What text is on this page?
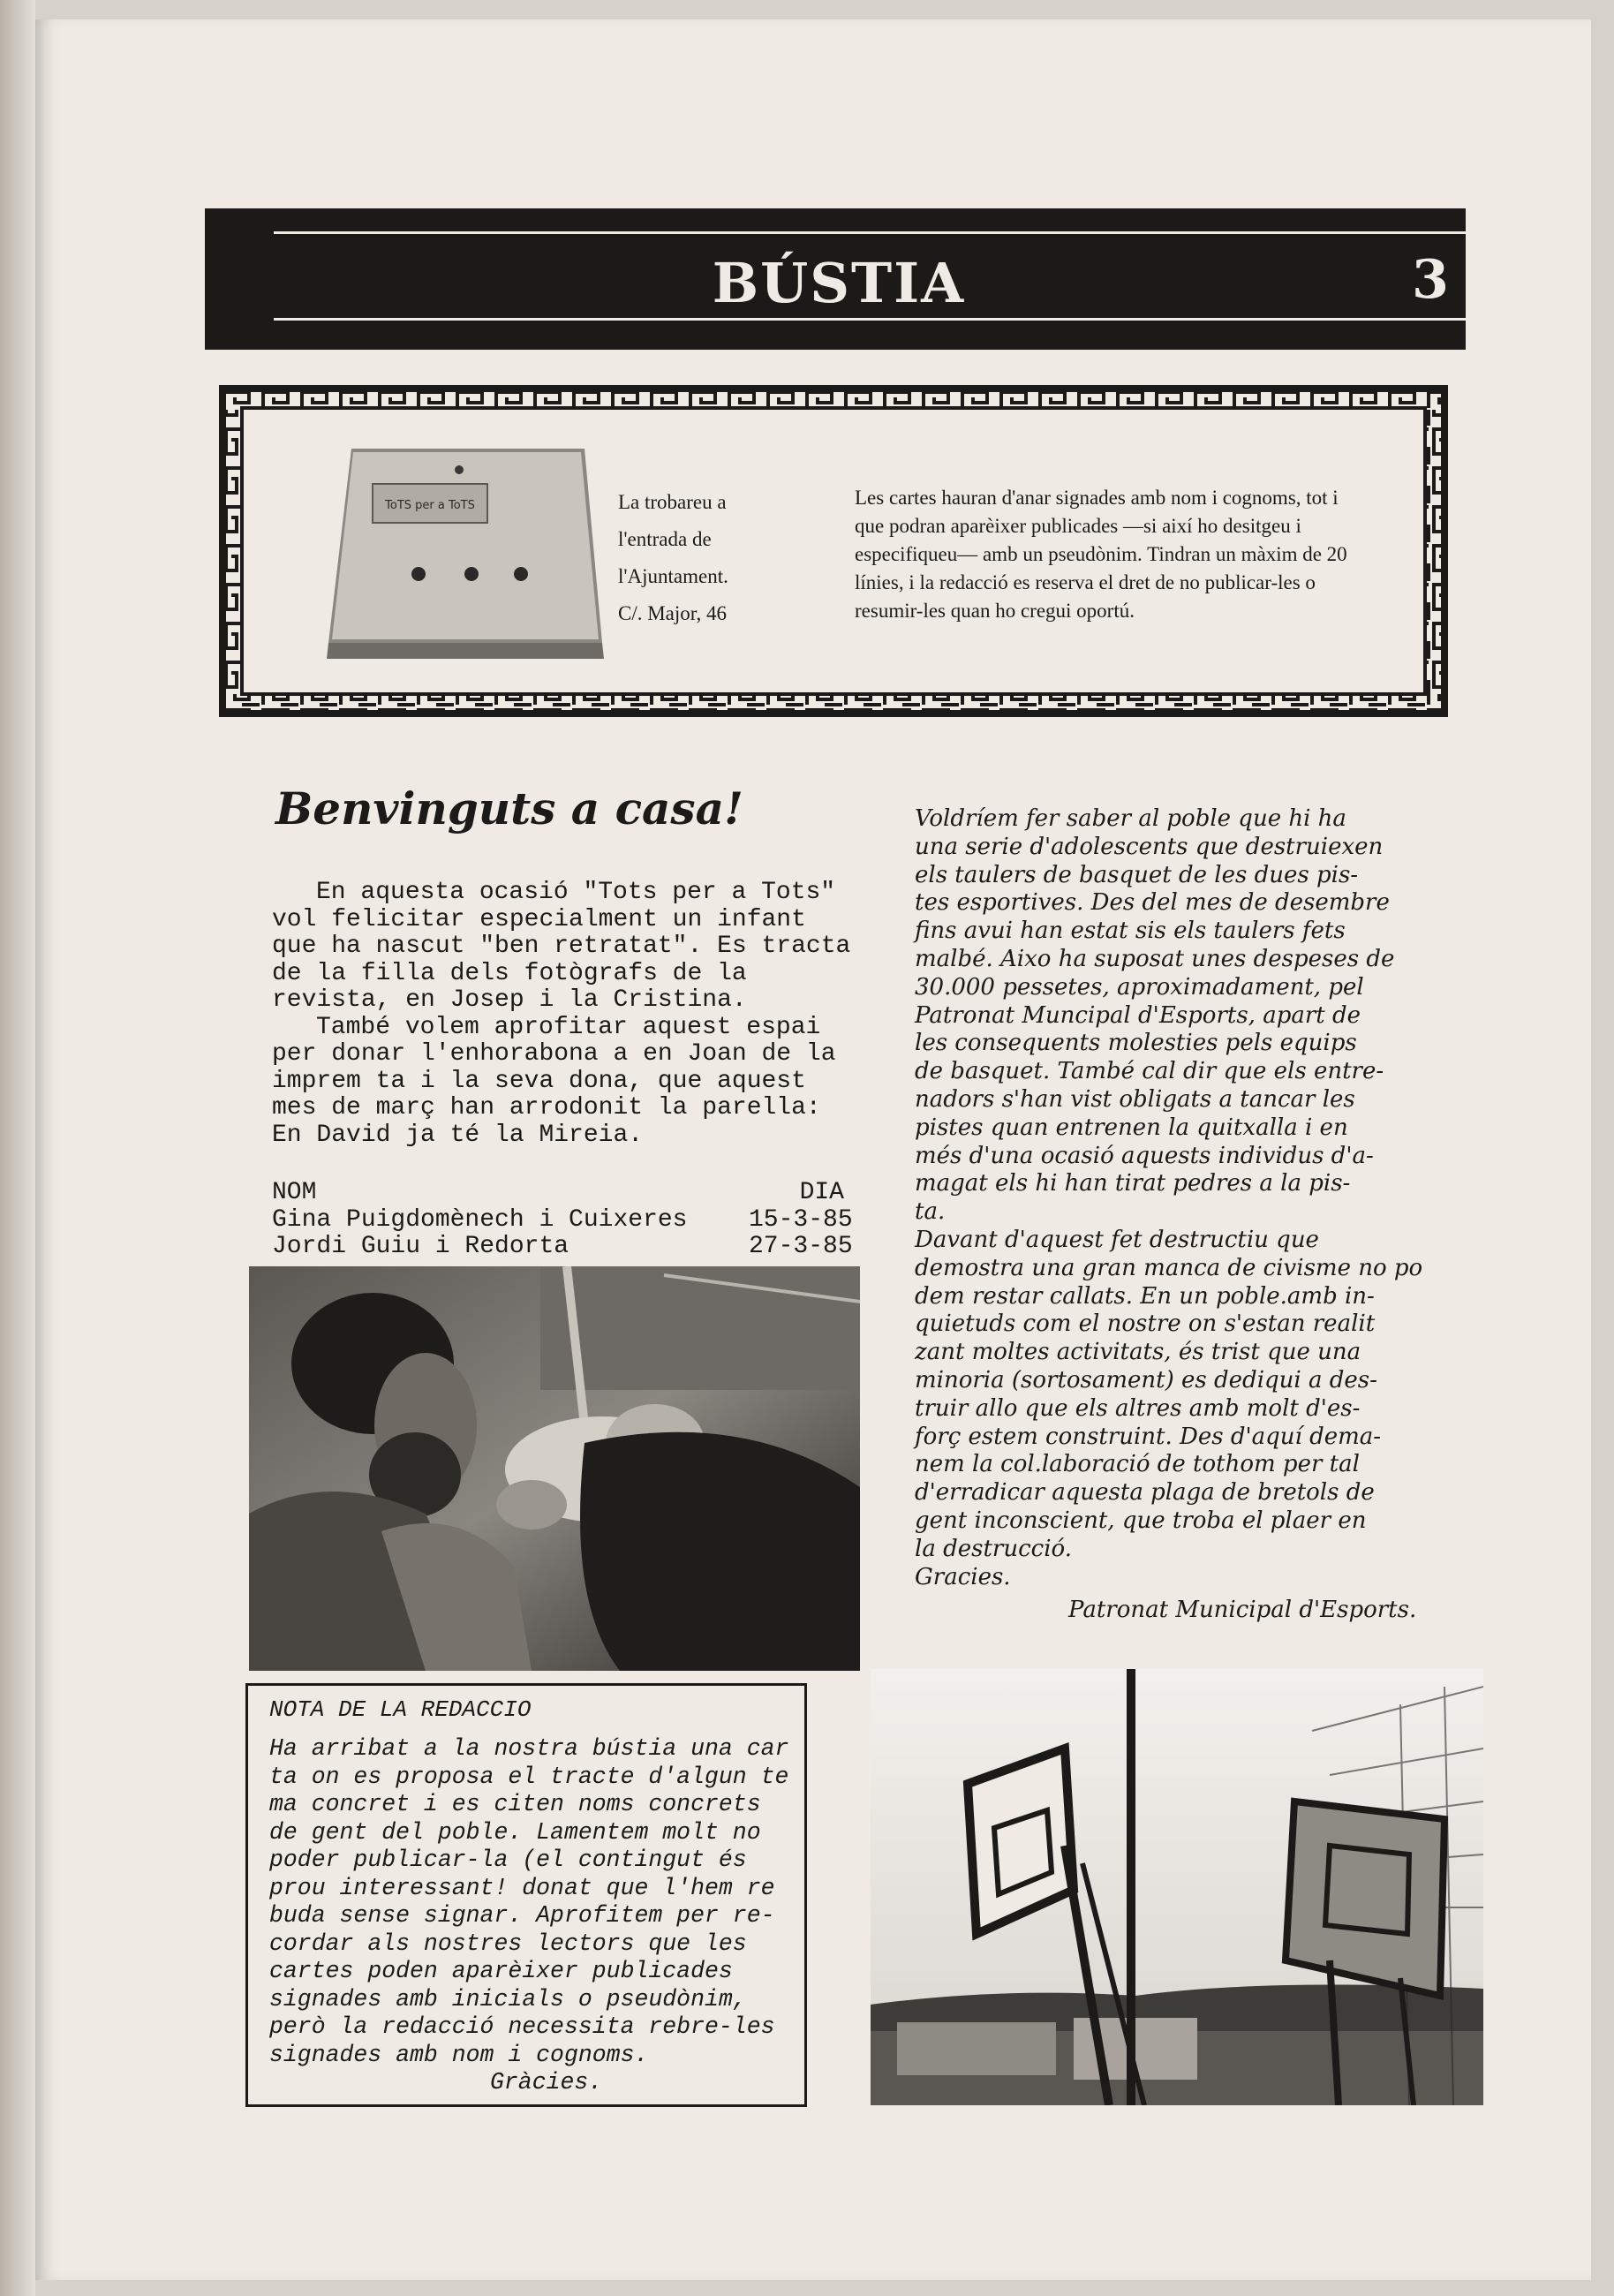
BÚSTIA	3
ToTS per a ToTS	La trobareu a
l'entrada de
l'Ajuntament.
C/. Major, 46
Les cartes hauran d'anar signades amb nom i cognoms, tot i que podran aparèixer publicades —si així ho desitgeu i especifiqueu— amb un pseudònim. Tindran un màxim de 20 línies, i la redacció es reserva el dret de no publicar-les o resumir-les quan ho cregui oportú.
Benvinguts a casa!

En aquesta ocasió "Tots per a Tots" vol felicitar especialment un infant que ha nascut "ben retratat". Es tracta de la filla dels fotògrafs de la revista, en Josep i la Cristina.

També volem aprofitar aquest espai per donar l'enhorabona a en Joan de la imprem ta i la seva dona, que aquest mes de març han arrodonit la parella: En David ja té la Mireia.

NOM	DIA
Gina Puigdomènech i Cuixeres 15-3-85
Jordi Guiu i Redorta	27-3-85
NOTA DE LA REDACCIO
Ha arribat a la nostra bústia una car
ta on es proposa el tracte d'algun te
ma concret i es citen noms concrets
de gent del poble. Lamentem molt no
poder publicar-la (el contingut és
prou interessant! donat que l'hem re
buda sense signar. Aprofitem per re-
cordar als nostres lectors que les
cartes poden aparèixer publicades
signades amb inicials o pseudònim,
però la redacció necessita rebre-les
signades amb nom i cognoms.
Gràcies.
Voldríem fer saber al poble que hi ha
una serie d'adolescents que destruiexen
els taulers de basquet de les dues pis-
tes esportives. Des del mes de desembre
fins avui han estat sis els taulers fets
malbé. Aixo ha suposat unes despeses de
30.000 pessetes, aproximadament, pel
Patronat Muncipal d'Esports, apart de
les consequents molesties pels equips
de basquet. També cal dir que els entre-
nadors s'han vist obligats a tancar les
pistes quan entrenen la quitxalla i en
més d'una ocasió aquests individus d'a-
magat els hi han tirat pedres a la pis-
ta.
Davant d'aquest fet destructiu que
demostra una gran manca de civisme no po
dem restar callats. En un poble.amb in-
quietuds com el nostre on s'estan realit
zant moltes activitats, és trist que una
minoria (sortosament) es dediqui a des-
truir allo que els altres amb molt d'es-
forç estem construint. Des d'aquí dema-
nem la col.laboració de tothom per tal
d'erradicar aquesta plaga de bretols de
gent inconscient, que troba el plaer en
la destrucció.
Gracies.
Patronat Municipal d'Esports.
